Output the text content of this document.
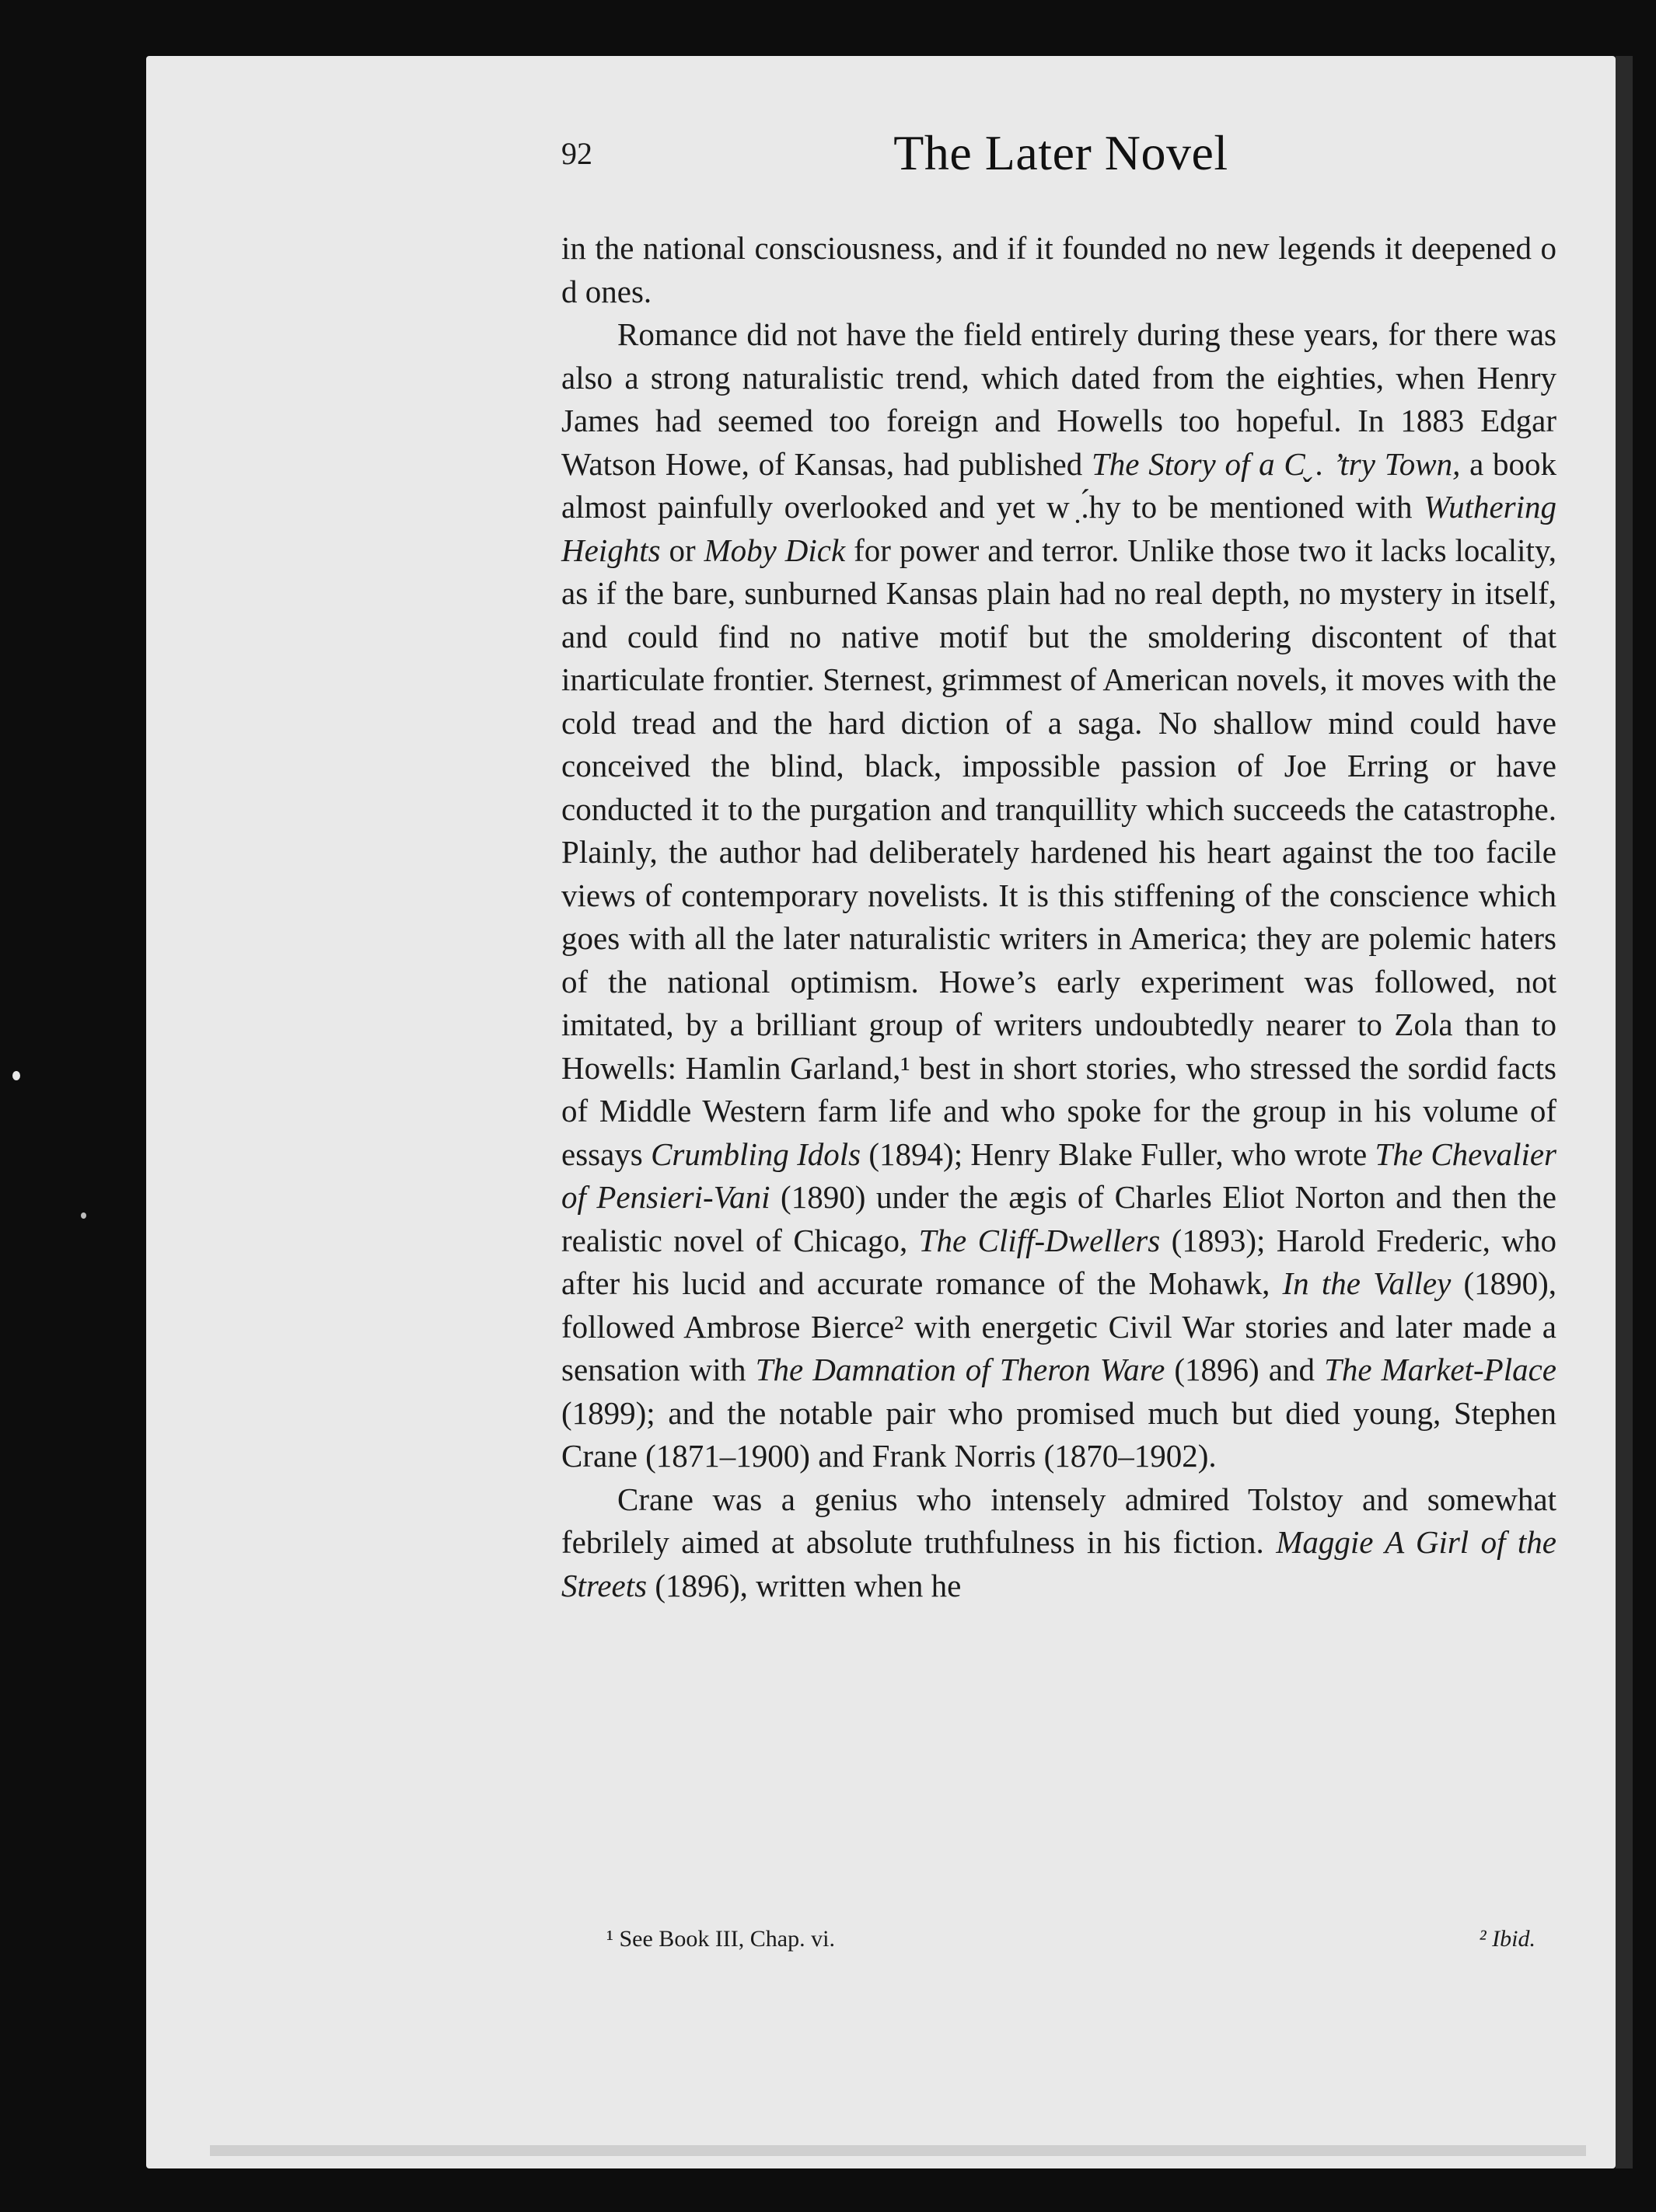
92	The Later Novel

in the national consciousness, and if it founded no new legends it deepened o d ones.

Romance did not have the field entirely during these years, for there was also a strong naturalistic trend, which dated from the eighties, when Henry James had seemed too foreign and Howells too hopeful. In 1883 Edgar Watson Howe, of Kansas, had published The Story of a Cˬ. ’try Town, a book almost painfully overlooked and yet w ̣.́hy to be mentioned with Wuthering Heights or Moby Dick for power and terror. Unlike those two it lacks locality, as if the bare, sunburned Kansas plain had no real depth, no mystery in itself, and could find no native motif but the smoldering discontent of that inarticulate frontier. Sternest, grimmest of American novels, it moves with the cold tread and the hard diction of a saga. No shallow mind could have conceived the blind, black, impossible passion of Joe Erring or have conducted it to the purgation and tranquillity which succeeds the catastrophe. Plainly, the author had deliberately hardened his heart against the too facile views of contemporary novelists. It is this stiffening of the conscience which goes with all the later naturalistic writers in America; they are polemic haters of the national optimism. Howe’s early experiment was followed, not imitated, by a brilliant group of writers undoubtedly nearer to Zola than to Howells: Hamlin Garland,¹ best in short stories, who stressed the sordid facts of Middle Western farm life and who spoke for the group in his volume of essays Crumbling Idols (1894); Henry Blake Fuller, who wrote The Chevalier of Pensieri-Vani (1890) under the ægis of Charles Eliot Norton and then the realistic novel of Chicago, The Cliff-Dwellers (1893); Harold Frederic, who after his lucid and accurate romance of the Mohawk, In the Valley (1890), followed Ambrose Bierce² with energetic Civil War stories and later made a sensation with The Damnation of Theron Ware (1896) and The Market-Place (1899); and the notable pair who promised much but died young, Stephen Crane (1871–1900) and Frank Norris (1870–1902).

Crane was a genius who intensely admired Tolstoy and somewhat febrilely aimed at absolute truthfulness in his fiction. Maggie A Girl of the Streets (1896), written when he

¹ See Book III, Chap. vi.	² Ibid.
